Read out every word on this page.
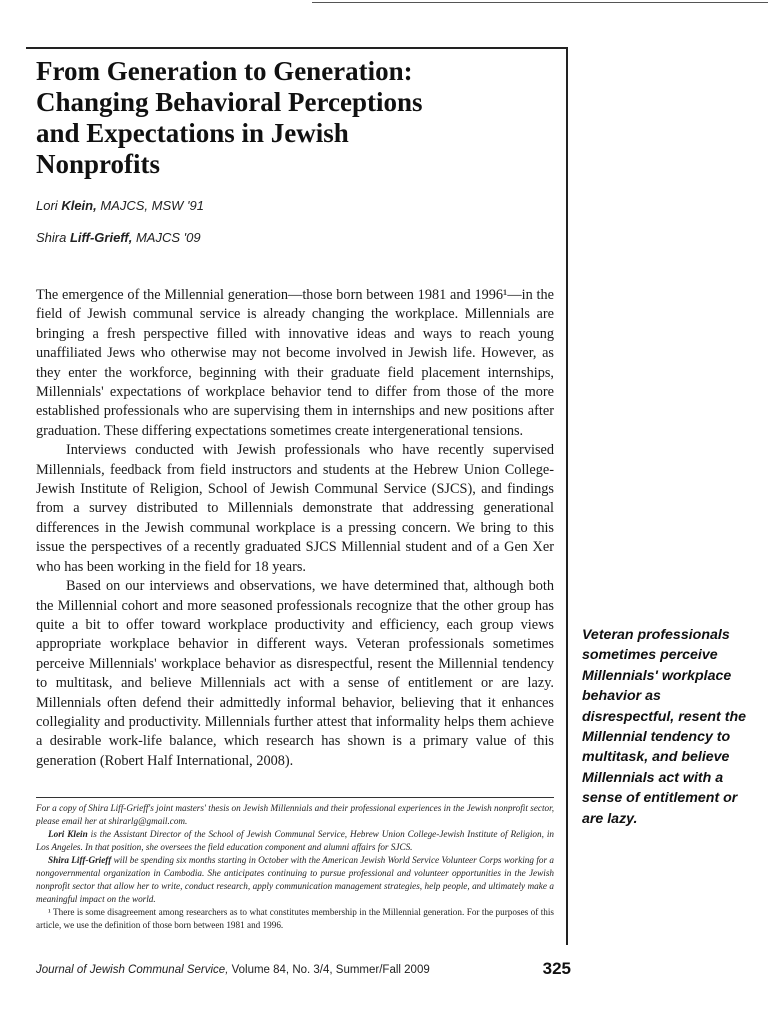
From Generation to Generation:
Changing Behavioral Perceptions
and Expectations in Jewish
Nonprofits
Lori Klein, MAJCS, MSW '91
Shira Liff-Grieff, MAJCS '09

The emergence of the Millennial generation—those born between 1981 and 1996¹—in the field of Jewish communal service is already changing the workplace. Millennials are bringing a fresh perspective filled with innovative ideas and ways to reach young unaffiliated Jews who otherwise may not become involved in Jewish life. However, as they enter the workforce, beginning with their graduate field placement internships, Millennials' expectations of workplace behavior tend to differ from those of the more established professionals who are supervising them in internships and new positions after graduation. These differing expectations sometimes create intergenerational tensions.

Interviews conducted with Jewish professionals who have recently supervised Millennials, feedback from field instructors and students at the Hebrew Union College-Jewish Institute of Religion, School of Jewish Communal Service (SJCS), and findings from a survey distributed to Millennials demonstrate that addressing generational differences in the Jewish communal workplace is a pressing concern. We bring to this issue the perspectives of a recently graduated SJCS Millennial student and of a Gen Xer who has been working in the field for 18 years.

Based on our interviews and observations, we have determined that, although both the Millennial cohort and more seasoned professionals recognize that the other group has quite a bit to offer toward workplace productivity and efficiency, each group views appropriate workplace behavior in different ways. Veteran professionals sometimes perceive Millennials' workplace behavior as disrespectful, resent the Millennial tendency to multitask, and believe Millennials act with a sense of entitlement or are lazy. Millennials often defend their admittedly informal behavior, believing that it enhances collegiality and productivity. Millennials further attest that informality helps them achieve a desirable work-life balance, which research has shown is a primary value of this generation (Robert Half International, 2008).

Veteran professionals sometimes perceive Millennials' workplace behavior as disrespectful, resent the Millennial tendency to multitask, and believe Millennials act with a sense of entitlement or are lazy.

For a copy of Shira Liff-Grieff's joint masters' thesis on Jewish Millennials and their professional experiences in the Jewish nonprofit sector, please email her at shirarlg@gmail.com.

Lori Klein is the Assistant Director of the School of Jewish Communal Service, Hebrew Union College-Jewish Institute of Religion, in Los Angeles. In that position, she oversees the field education component and alumni affairs for SJCS.

Shira Liff-Grieff will be spending six months starting in October with the American Jewish World Service Volunteer Corps working for a nongovernmental organization in Cambodia. She anticipates continuing to pursue professional and volunteer opportunities in the Jewish nonprofit sector that allow her to write, conduct research, apply communication management strategies, help people, and ultimately make a meaningful impact on the world.

¹ There is some disagreement among researchers as to what constitutes membership in the Millennial generation. For the purposes of this article, we use the definition of those born between 1981 and 1996.

Journal of Jewish Communal Service, Volume 84, No. 3/4, Summer/Fall 2009	325
